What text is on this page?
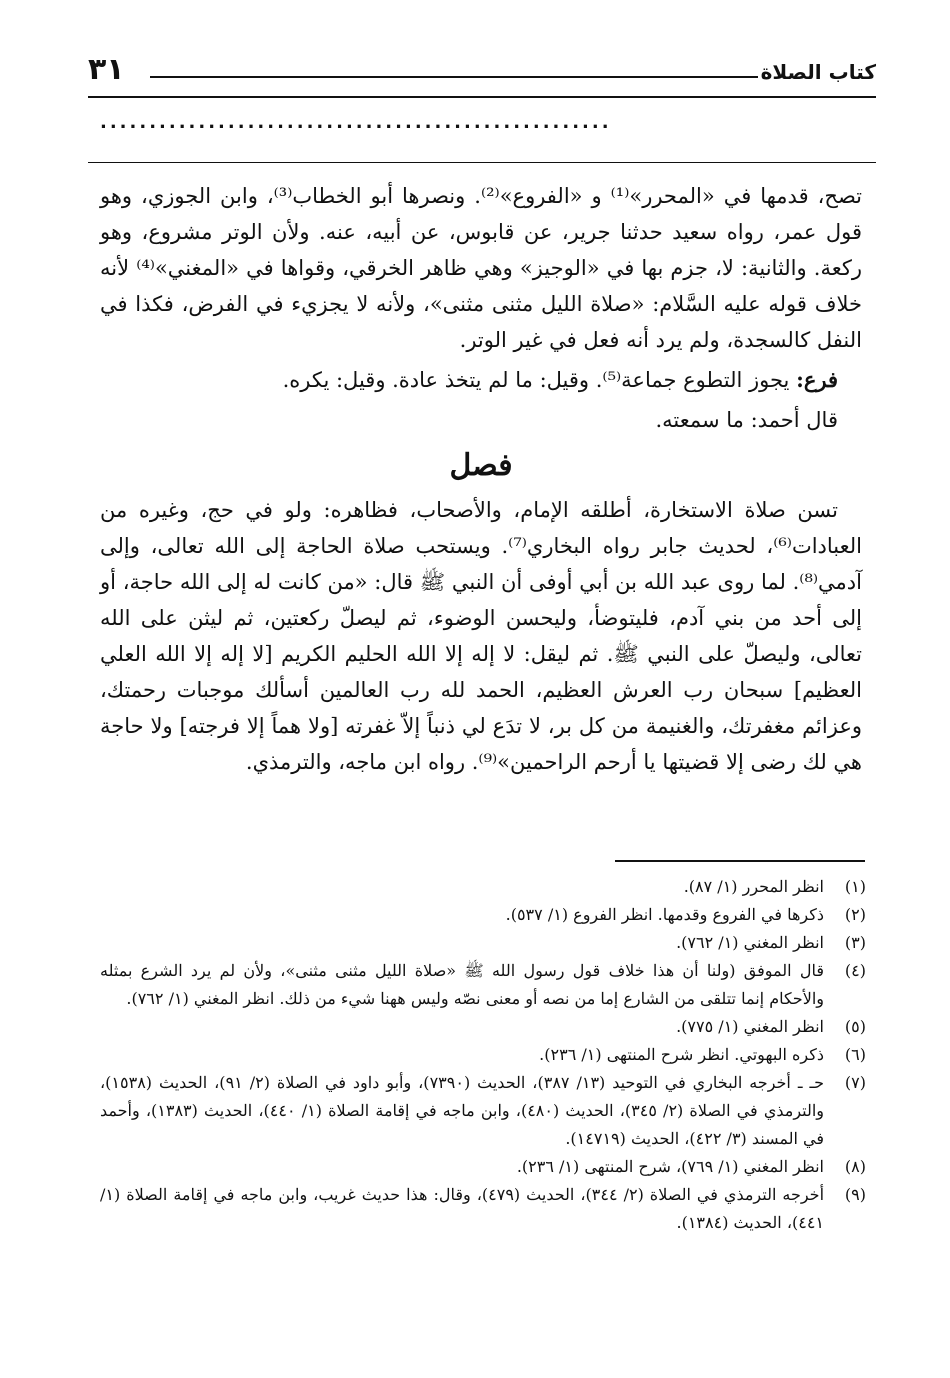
كتاب الصلاة
٣١
....................................................

تصح، قدمها في «المحرر»⁽¹⁾ و «الفروع»⁽²⁾. ونصرها أبو الخطاب⁽³⁾، وابن الجوزي، وهو قول عمر، رواه سعيد حدثنا جرير، عن قابوس، عن أبيه، عنه. ولأن الوتر مشروع، وهو ركعة. والثانية: لا، جزم بها في «الوجيز» وهي ظاهر الخرقي، وقواها في «المغني»⁽⁴⁾ لأنه خلاف قوله عليه السَّلام: «صلاة الليل مثنى مثنى»، ولأنه لا يجزيء في الفرض، فكذا في النفل كالسجدة، ولم يرد أنه فعل في غير الوتر.

فرع: يجوز التطوع جماعة⁽⁵⁾. وقيل: ما لم يتخذ عادة. وقيل: يكره.

قال أحمد: ما سمعته.

فصل

تسن صلاة الاستخارة، أطلقه الإمام، والأصحاب، فظاهره: ولو في حج، وغيره من العبادات⁽⁶⁾، لحديث جابر رواه البخاري⁽⁷⁾. ويستحب صلاة الحاجة إلى الله تعالى، وإلى آدمي⁽⁸⁾. لما روى عبد الله بن أبي أوفى أن النبي ﷺ قال: «من كانت له إلى الله حاجة، أو إلى أحد من بني آدم، فليتوضأ، وليحسن الوضوء، ثم ليصلّ ركعتين، ثم ليثن على الله تعالى، وليصلّ على النبي ﷺ. ثم ليقل: لا إله إلا الله الحليم الكريم [لا إله إلا الله العلي العظيم] سبحان رب العرش العظيم، الحمد لله رب العالمين أسألك موجبات رحمتك، وعزائم مغفرتك، والغنيمة من كل بر، لا تدَع لي ذنباً إلاّ غفرته [ولا هماً إلا فرجته] ولا حاجة هي لك رضى إلا قضيتها يا أرحم الراحمين»⁽⁹⁾. رواه ابن ماجه، والترمذي.

(١)
انظر المحرر (١/ ٨٧).
(٢)
ذكرها في الفروع وقدمها. انظر الفروع (١/ ٥٣٧).
(٣)
انظر المغني (١/ ٧٦٢).
(٤)
قال الموفق (ولنا أن هذا خلاف قول رسول الله ﷺ «صلاة الليل مثنى مثنى»، ولأن لم يرد الشرع بمثله والأحكام إنما تتلقى من الشارع إما من نصه أو معنى نصّه وليس ههنا شيء من ذلك. انظر المغني (١/ ٧٦٢).
(٥)
انظر المغني (١/ ٧٧٥).
(٦)
ذكره البهوتي. انظر شرح المنتهى (١/ ٢٣٦).
(٧)
حـ ـ أخرجه البخاري في التوحيد (١٣/ ٣٨٧)، الحديث (٧٣٩٠)، وأبو داود في الصلاة (٢/ ٩١)، الحديث (١٥٣٨)، والترمذي في الصلاة (٢/ ٣٤٥)، الحديث (٤٨٠)، وابن ماجه في إقامة الصلاة (١/ ٤٤٠)، الحديث (١٣٨٣)، وأحمد في المسند (٣/ ٤٢٢)، الحديث (١٤٧١٩).
(٨)
انظر المغني (١/ ٧٦٩)، شرح المنتهى (١/ ٢٣٦).
(٩)
أخرجه الترمذي في الصلاة (٢/ ٣٤٤)، الحديث (٤٧٩)، وقال: هذا حديث غريب، وابن ماجه في إقامة الصلاة (١/ ٤٤١)، الحديث (١٣٨٤).
